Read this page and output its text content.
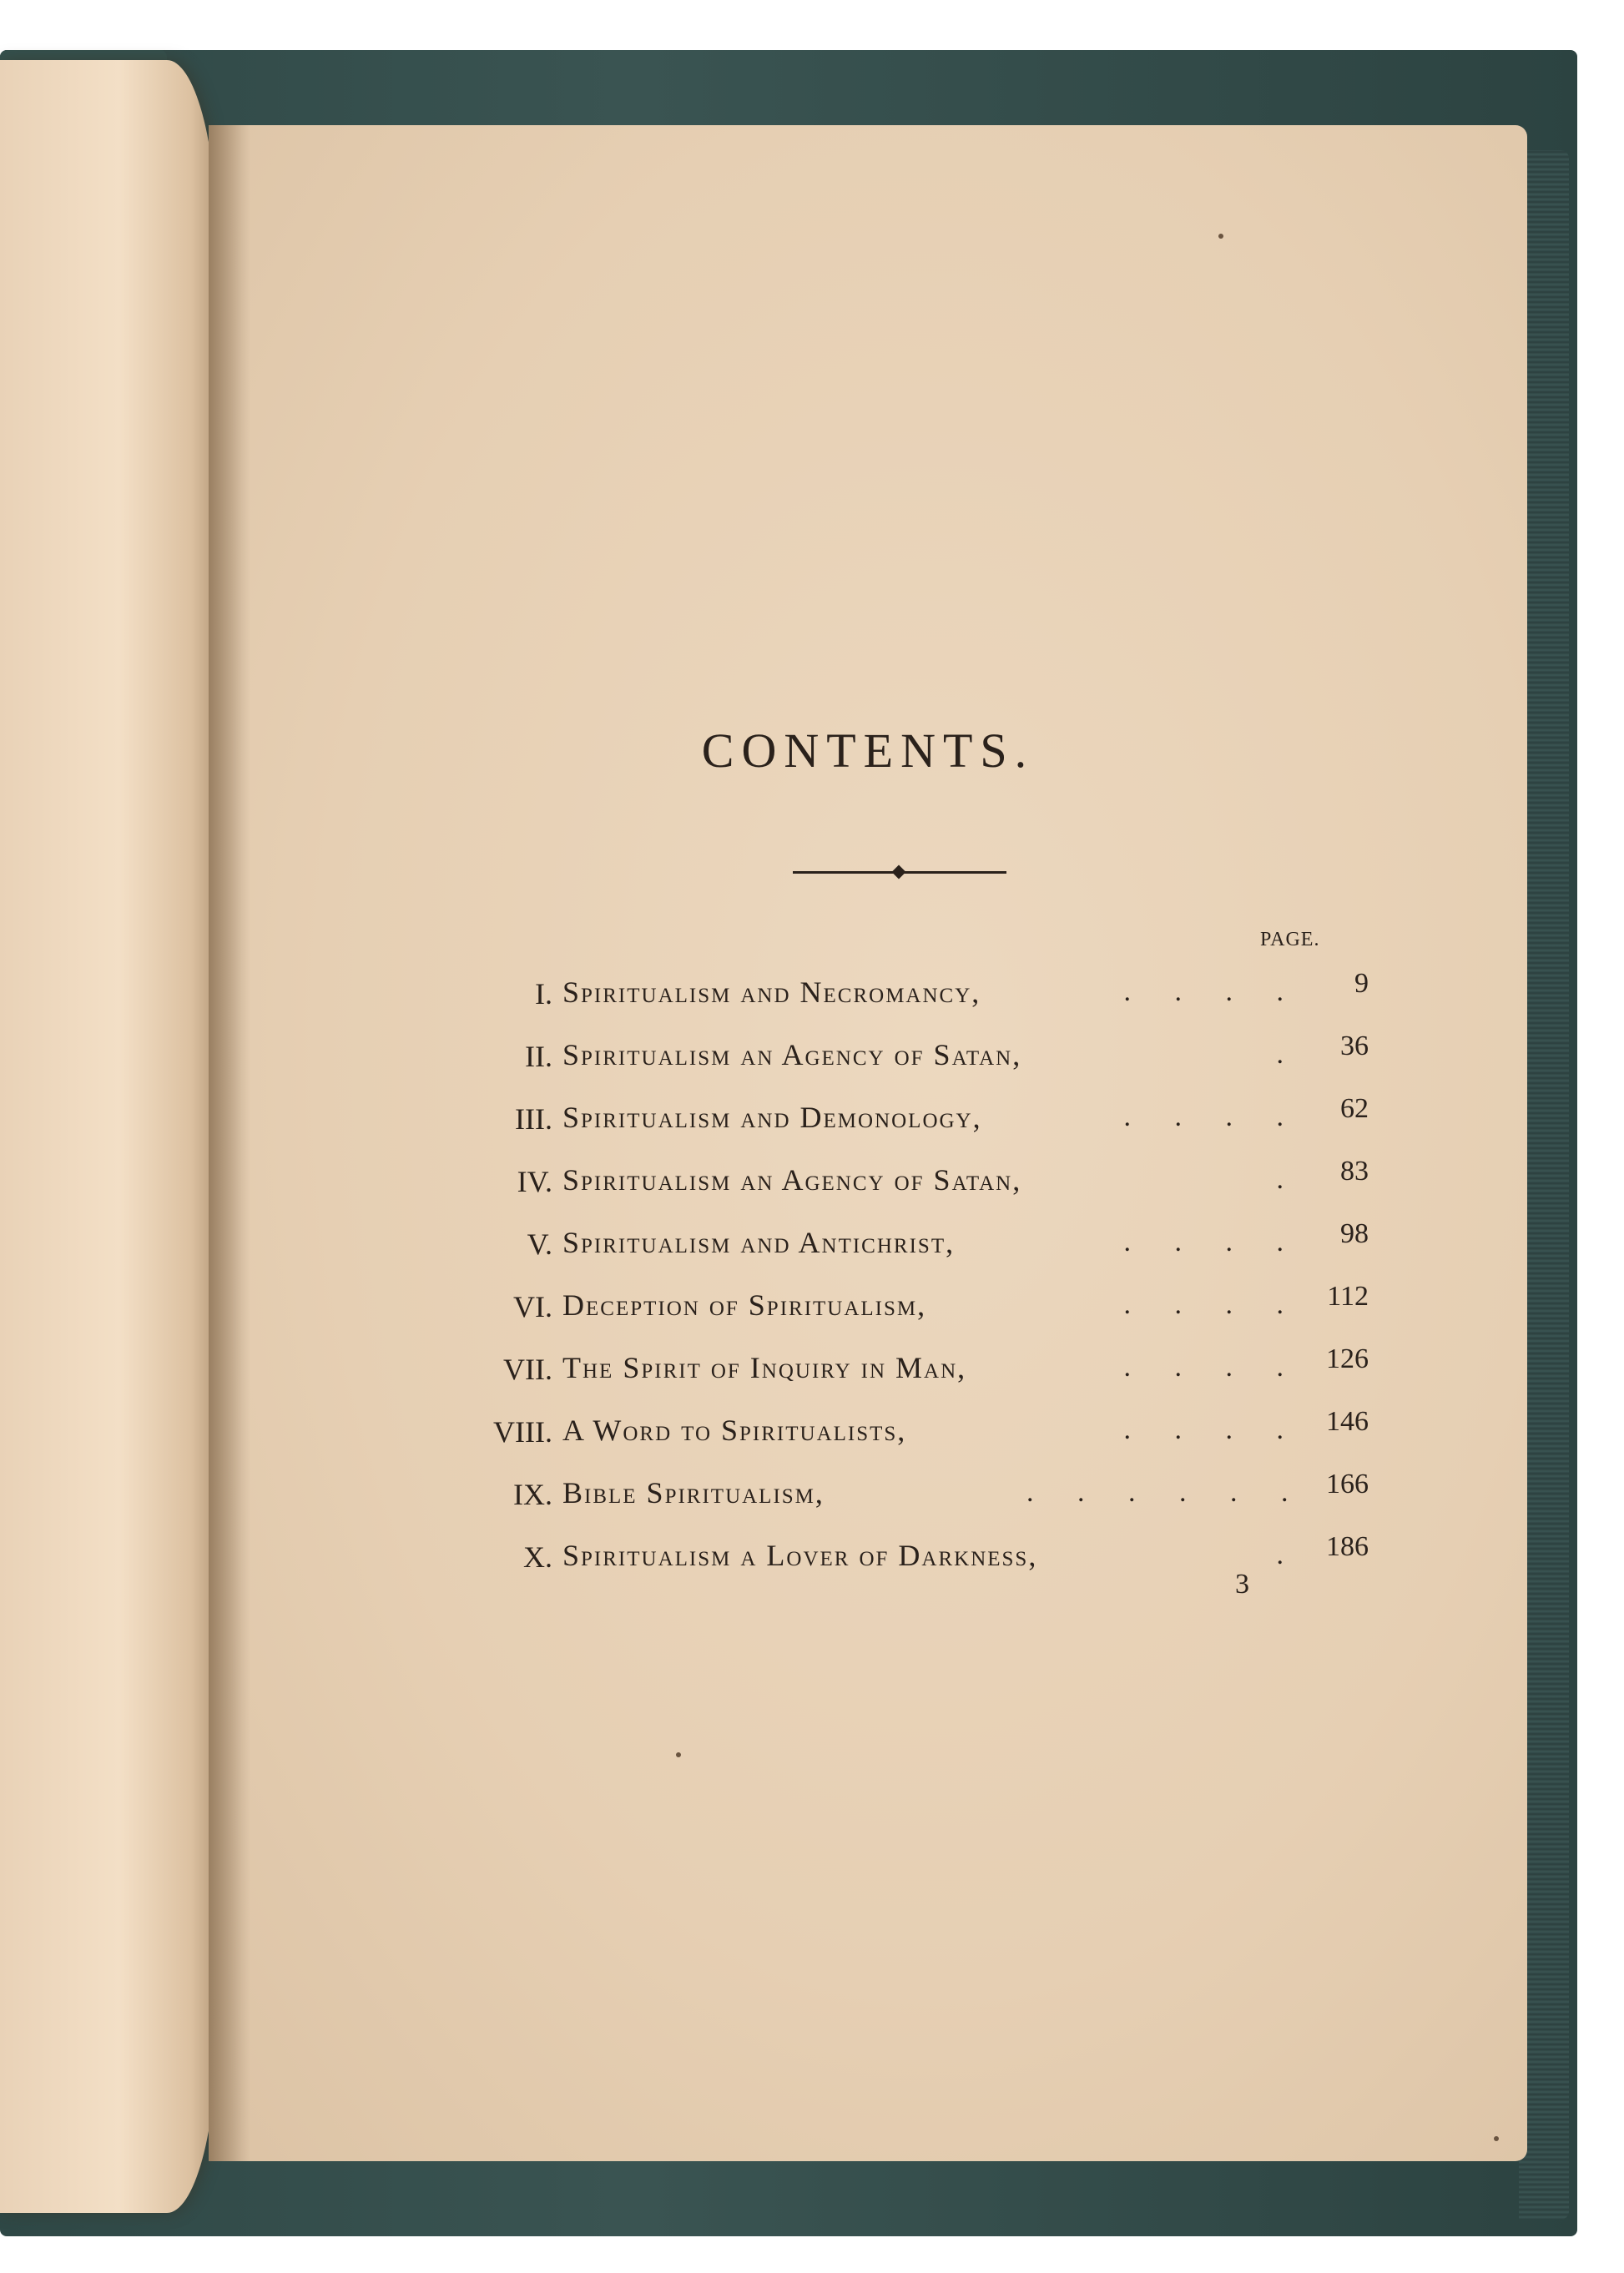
CONTENTS.
PAGE.
I. Spiritualism and Necromancy,	. . . .	9
II. Spiritualism an Agency of Satan,	.	36
III. Spiritualism and Demonology,	. . . .	62
IV. Spiritualism an Agency of Satan,	.	83
V. Spiritualism and Antichrist,	. . . .	98
VI. Deception of Spiritualism,	. . . . 112
VII. The Spirit of Inquiry in Man,	. . . . 126
VIII. A Word to Spiritualists,	. . . . 146
IX. Bible Spiritualism,	. . . . . . 166
X. Spiritualism a Lover of Darkness,	. 186
3
